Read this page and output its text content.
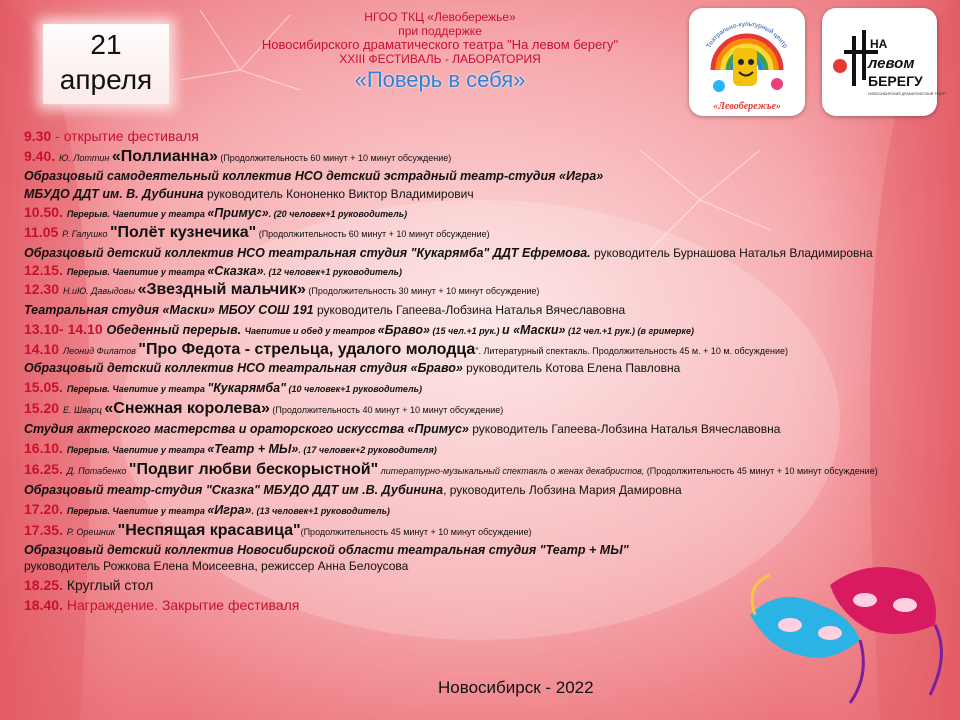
21
апреля
НГОО ТКЦ «Левобережье»
при поддержке
Новосибирского драматического театра "На левом берегу"
XXIII ФЕСТИВАЛЬ - ЛАБОРАТОРИЯ
«Поверь в себя»
Театрально-культурный центр
«Левобережье»
НА
левом
БЕРЕГУ
НОВОСИБИРСКИЙ ДРАМАТИЧЕСКИЙ ТЕАТР
9.30 - открытие фестиваля
9.40. Ю. Лоттин «Поллианна» (Продолжительность 60 минут + 10 минут обсуждение)
Образцовый самодеятельный коллектив НСО детский эстрадный театр-студия «Игра»
МБУДО ДДТ им. В. Дубинина руководитель Кононенко Виктор Владимирович
10.50. Перерыв. Чаепитие у театра «Примус». (20 человек+1 руководитель)
11.05 Р. Галушко "Полёт кузнечика" (Продолжительность 60 минут + 10 минут обсуждение)
Образцовый детский коллектив НСО театральная студия "Кукарямба" ДДТ Ефремова. руководитель Бурнашова Наталья Владимировна
12.15. Перерыв. Чаепитие у театра «Сказка». (12 человек+1 руководитель)
12.30 Н.иЮ. Давыдовы «Звездный мальчик» (Продолжительность 30 минут + 10 минут обсуждение)
Театральная студия «Маски» МБОУ СОШ 191 руководитель Гапеева-Лобзина Наталья Вячеславовна
13.10- 14.10 Обеденный перерыв. Чаепитие и обед у театров «Браво» (15 чел.+1 рук.) и «Маски» (12 чел.+1 рук.) (в гримерке)
14.10 Леонид Филатов "Про Федота - стрельца, удалого молодца". Литературный спектакль. Продолжительность 45 м. + 10 м. обсуждение)
Образцовый детский коллектив НСО театральная студия «Браво» руководитель Котова Елена Павловна
15.05. Перерыв. Чаепитие у театра "Кукарямба" (10 человек+1 руководитель)
15.20 Е. Шварц «Снежная королева» (Продолжительность 40 минут + 10 минут обсуждение)
Студия актерского мастерства и ораторского искусства «Примус» руководитель Гапеева-Лобзина Наталья Вячеславовна
16.10. Перерыв. Чаепитие у театра «Театр + МЫ». (17 человек+2 руководителя)
16.25. Д. Потабенко "Подвиг любви бескорыстной" литературно-музыкальный спектакль о женах декабристов, (Продолжительность 45 минут + 10 минут обсуждение)
Образцовый театр-студия "Сказка" МБУДО ДДТ им .В. Дубинина, руководитель Лобзина Мария Дамировна
17.20. Перерыв. Чаепитие у театра «Игра». (13 человек+1 руководитель)
17.35. Р. Орешник "Неспящая красавица"(Продолжительность 45 минут + 10 минут обсуждение)
Образцовый детский коллектив Новосибирской области театральная студия "Театр + МЫ"
руководитель Рожкова Елена Моисеевна, режиссер Анна Белоусова
18.25. Круглый стол
18.40. Награждение. Закрытие фестиваля
Новосибирск - 2022
